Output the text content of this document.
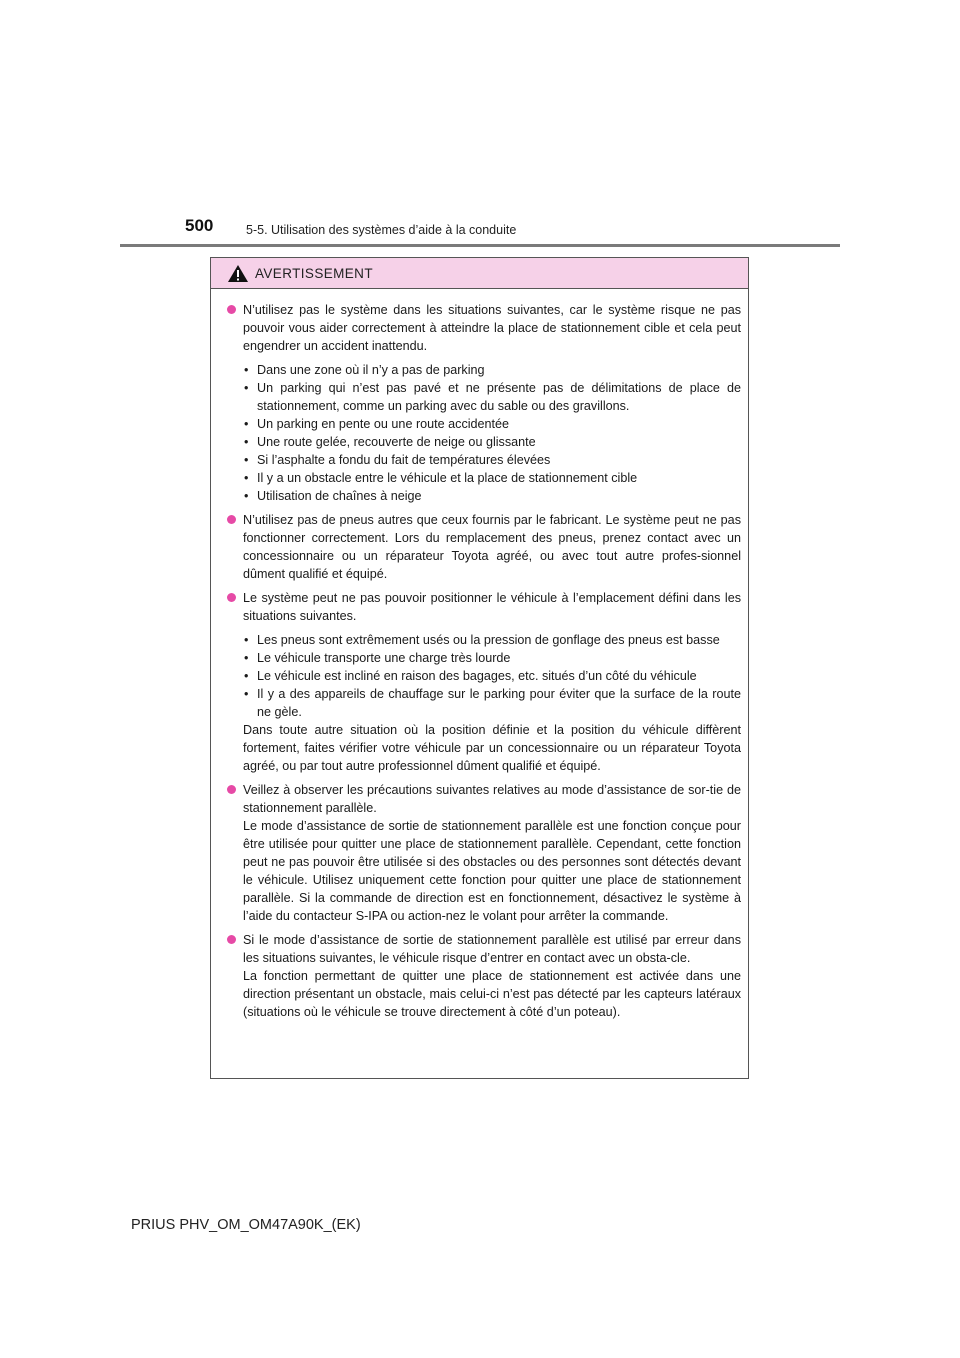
500	5-5. Utilisation des systèmes d’aide à la conduite
AVERTISSEMENT

N’utilisez pas le système dans les situations suivantes, car le système risque ne pas pouvoir vous aider correctement à atteindre la place de stationnement cible et cela peut engendrer un accident inattendu.

• Dans une zone où il n’y a pas de parking
• Un parking qui n’est pas pavé et ne présente pas de délimitations de place de stationnement, comme un parking avec du sable ou des gravillons.
• Un parking en pente ou une route accidentée
• Une route gelée, recouverte de neige ou glissante
• Si l’asphalte a fondu du fait de températures élevées
• Il y a un obstacle entre le véhicule et la place de stationnement cible
• Utilisation de chaînes à neige

N’utilisez pas de pneus autres que ceux fournis par le fabricant. Le système peut ne pas fonctionner correctement. Lors du remplacement des pneus, prenez contact avec un concessionnaire ou un réparateur Toyota agréé, ou avec tout autre profes-sionnel dûment qualifié et équipé.

Le système peut ne pas pouvoir positionner le véhicule à l’emplacement défini dans les situations suivantes.

• Les pneus sont extrêmement usés ou la pression de gonflage des pneus est basse
• Le véhicule transporte une charge très lourde
• Le véhicule est incliné en raison des bagages, etc. situés d’un côté du véhicule
• Il y a des appareils de chauffage sur le parking pour éviter que la surface de la route ne gèle.

Dans toute autre situation où la position définie et la position du véhicule diffèrent fortement, faites vérifier votre véhicule par un concessionnaire ou un réparateur Toyota agréé, ou par tout autre professionnel dûment qualifié et équipé.

Veillez à observer les précautions suivantes relatives au mode d’assistance de sor-tie de stationnement parallèle.

Le mode d’assistance de sortie de stationnement parallèle est une fonction conçue pour être utilisée pour quitter une place de stationnement parallèle. Cependant, cette fonction peut ne pas pouvoir être utilisée si des obstacles ou des personnes sont détectés devant le véhicule. Utilisez uniquement cette fonction pour quitter une place de stationnement parallèle. Si la commande de direction est en fonctionnement, désactivez le système à l’aide du contacteur S-IPA ou action-nez le volant pour arrêter la commande.

Si le mode d’assistance de sortie de stationnement parallèle est utilisé par erreur dans les situations suivantes, le véhicule risque d’entrer en contact avec un obsta-cle.

La fonction permettant de quitter une place de stationnement est activée dans une direction présentant un obstacle, mais celui-ci n’est pas détecté par les capteurs latéraux (situations où le véhicule se trouve directement à côté d’un poteau).

PRIUS PHV_OM_OM47A90K_(EK)
